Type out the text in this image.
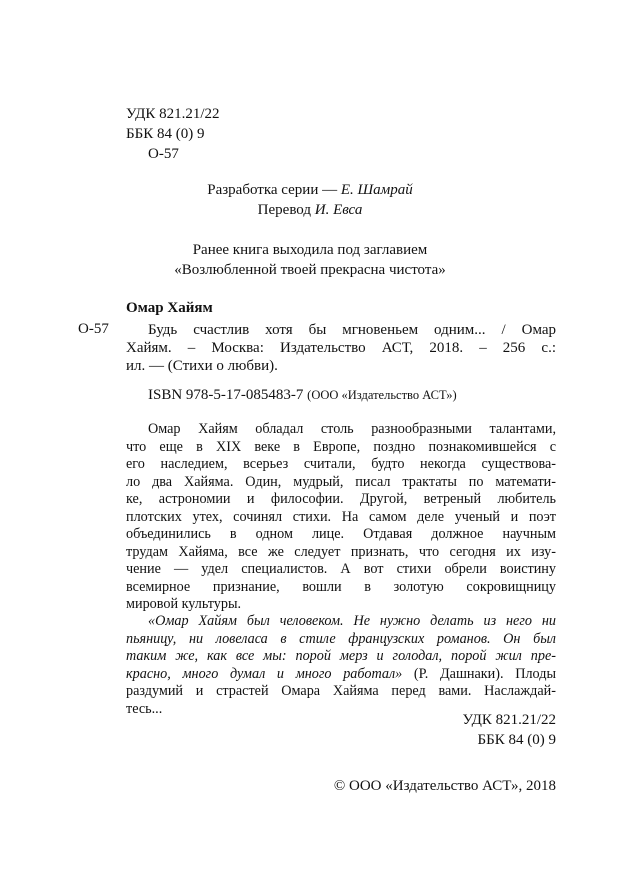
УДК 821.21/22
ББК 84 (0) 9
О-57
Разработка серии — Е. Шамрай
Перевод И. Евса
Ранее книга выходила под заглавием
«Возлюбленной твоей прекрасна чистота»
Омар Хайям
О-57	Будь счастлив хотя бы мгновеньем одним... / Омар
Хайям. – Москва: Издательство АСТ, 2018. – 256 с.:
ил. — (Стихи о любви).
ISBN 978-5-17-085483-7 (ООО «Издательство АСТ»)
Омар Хайям обладал столь разнообразными талантами,
что еще в XIX веке в Европе, поздно познакомившейся с
его наследием, всерьез считали, будто некогда существова-
ло два Хайяма. Один, мудрый, писал трактаты по математи-
ке, астрономии и философии. Другой, ветреный любитель
плотских утех, сочинял стихи. На самом деле ученый и поэт
объединились в одном лице. Отдавая должное научным
трудам Хайяма, все же следует признать, что сегодня их изу-
чение — удел специалистов. А вот стихи обрели воистину
всемирное признание, вошли в золотую сокровищницу
мировой культуры.
«Омар Хайям был человеком. Не нужно делать из него ни
пьяницу, ни ловеласа в стиле французских романов. Он был
таким же, как все мы: порой мерз и голодал, порой жил пре-
красно, много думал и много работал» (Р. Дашнаки). Плоды
раздумий и страстей Омара Хайяма перед вами. Наслаждай-
тесь...
УДК 821.21/22
ББК 84 (0) 9
© ООО «Издательство АСТ», 2018
